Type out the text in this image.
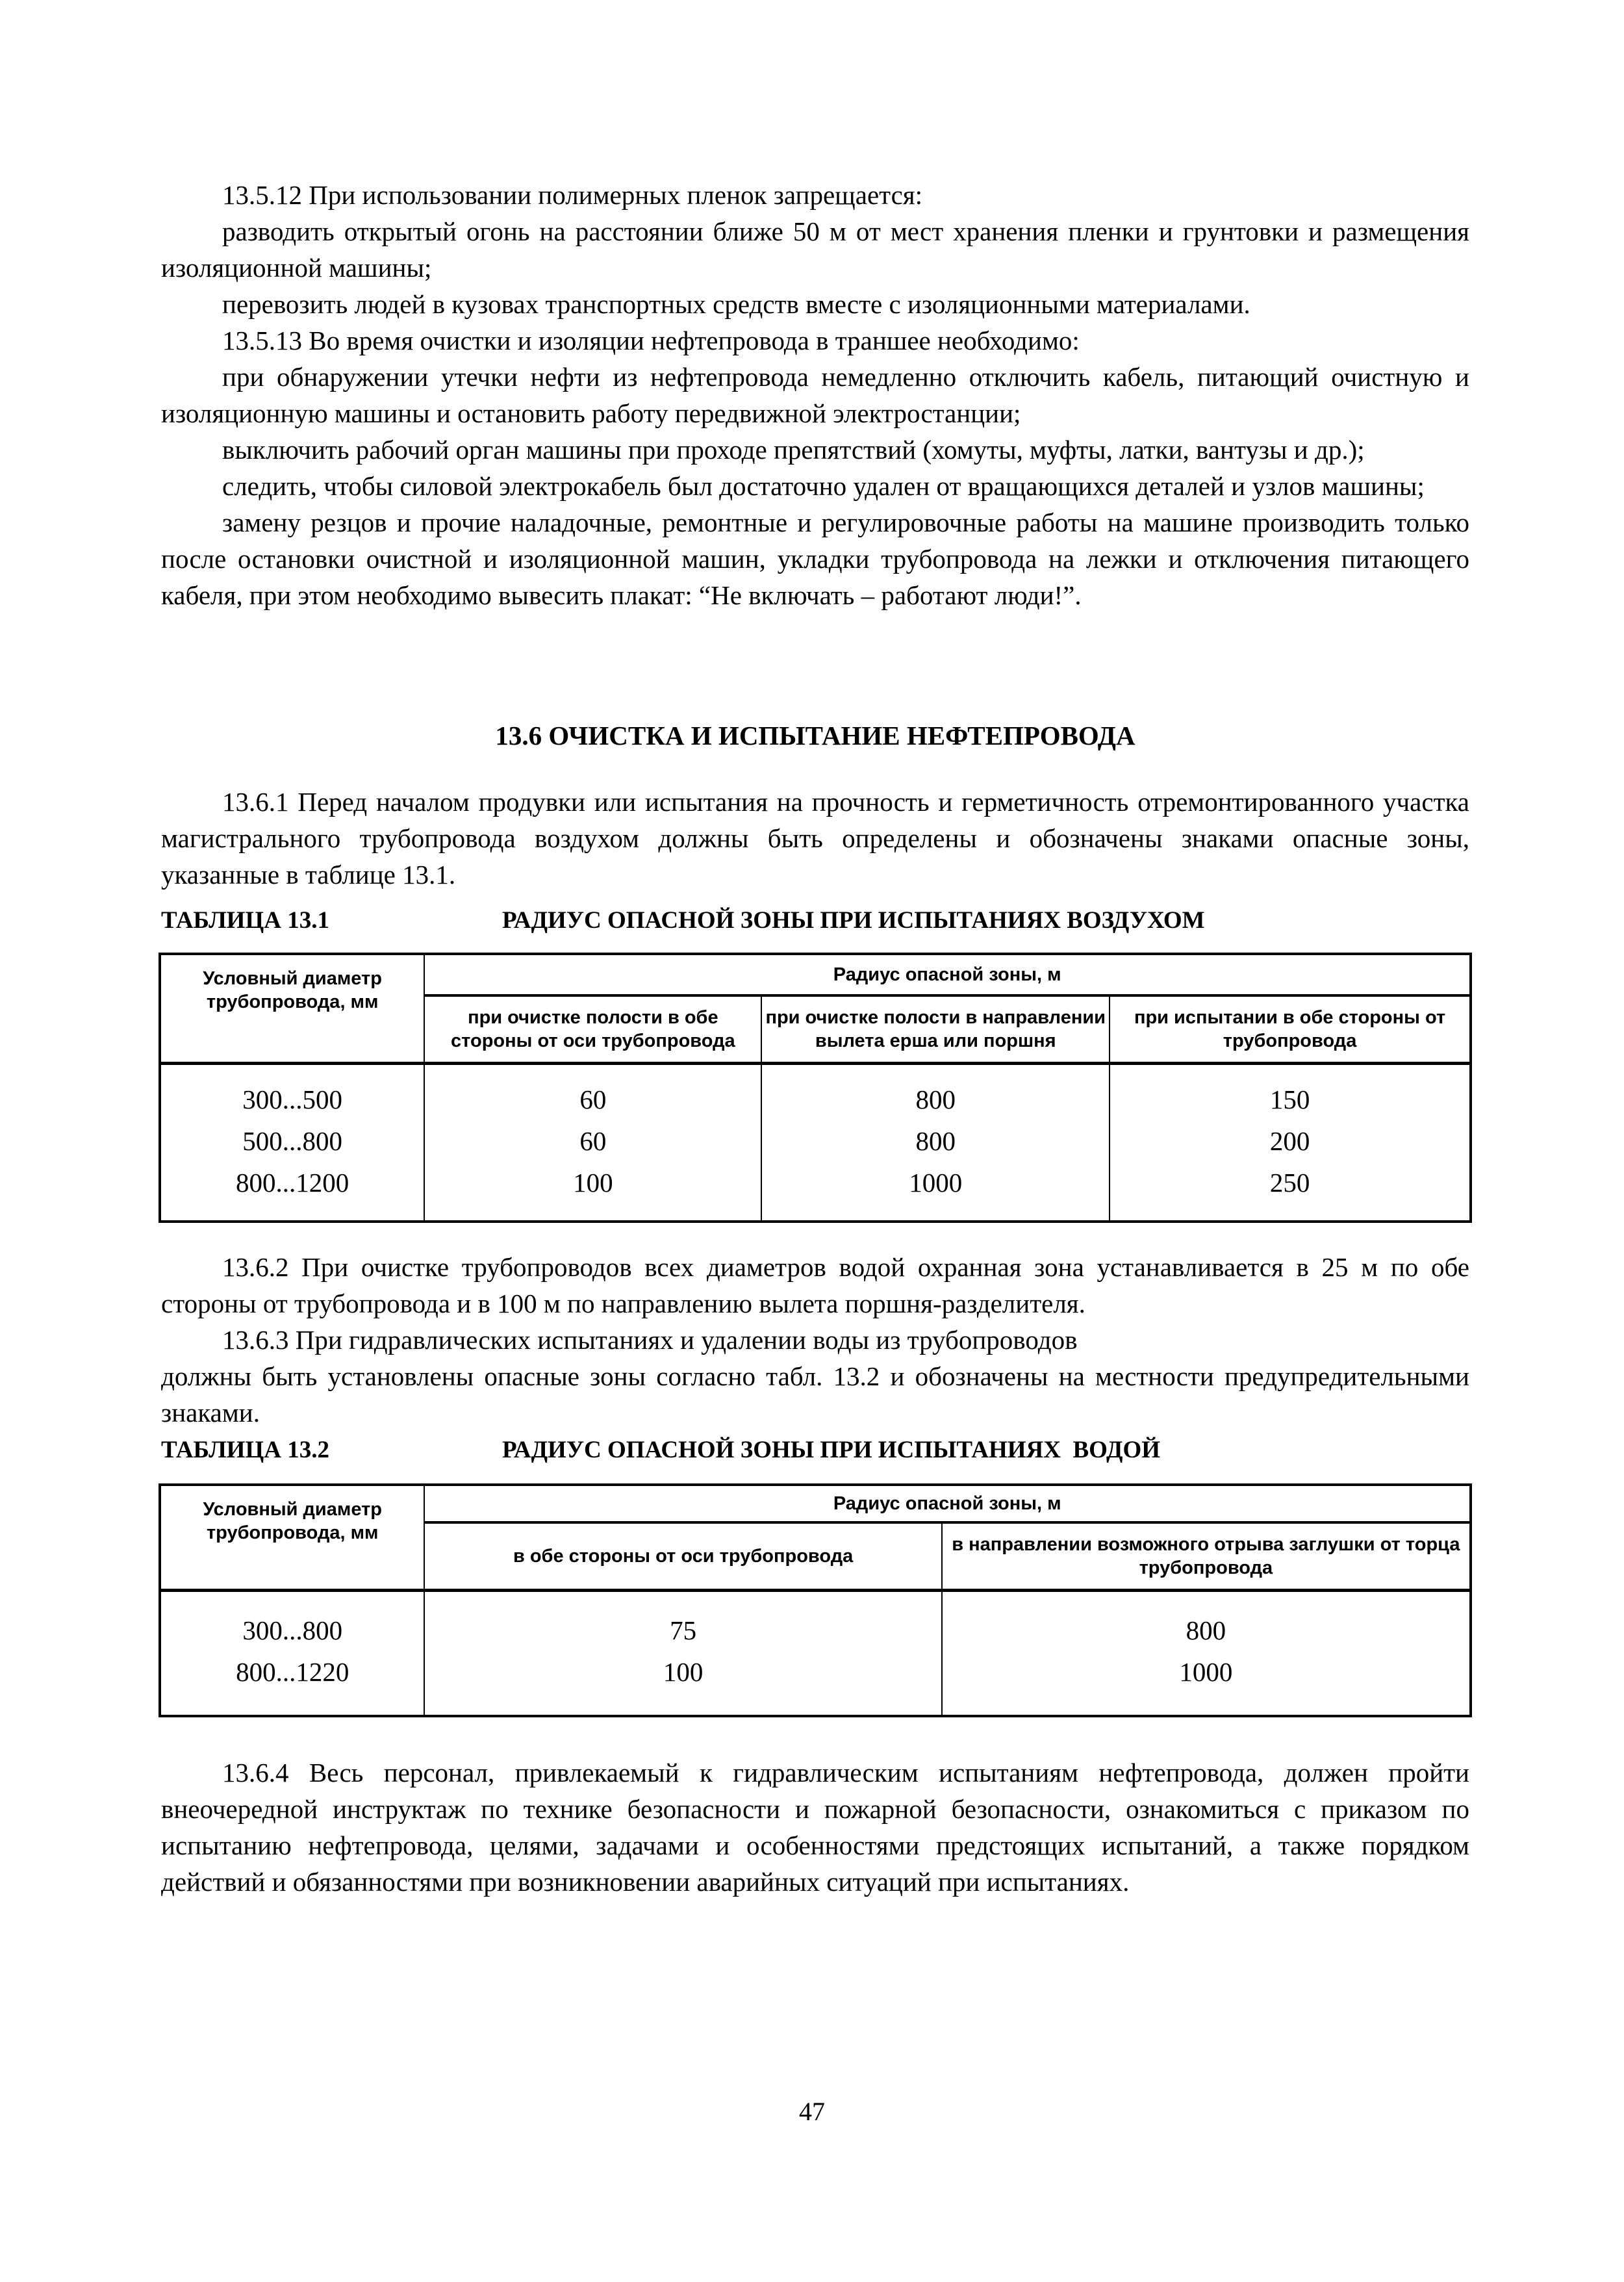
13.5.12 При использовании полимерных пленок запрещается:

разводить открытый огонь на расстоянии ближе 50 м от мест хранения пленки и грунтовки и размещения изоляционной машины;

перевозить людей в кузовах транспортных средств вместе с изоляционными материалами.

13.5.13 Во время очистки и изоляции нефтепровода в траншее необходимо:

при обнаружении утечки нефти из нефтепровода немедленно отключить кабель, питающий очистную и изоляционную машины и остановить работу передвижной электростанции;

выключить рабочий орган машины при проходе препятствий (хомуты, муфты, латки, вантузы и др.);

следить, чтобы силовой электрокабель был достаточно удален от вращающихся деталей и узлов машины;

замену резцов и прочие наладочные, ремонтные и регулировочные работы на машине производить только после остановки очистной и изоляционной машин, укладки трубопровода на лежки и отключения питающего кабеля, при этом необходимо вывесить плакат: “Не включать – работают люди!”.

13.6 ОЧИСТКА И ИСПЫТАНИЕ НЕФТЕПРОВОДА

13.6.1 Перед началом продувки или испытания на прочность и герметичность отремонтированного участка магистрального трубопровода воздухом должны быть определены и обозначены знаками опасные зоны, указанные в таблице 13.1.

ТАБЛИЦА 13.1	РАДИУС ОПАСНОЙ ЗОНЫ ПРИ ИСПЫТАНИЯХ ВОЗДУХОМ
Условный диаметр трубопровода, мм	Радиус опасной зоны, м		
	при очистке полости в обе стороны от оси трубопровода	при очистке полости в направлении вылета ерша или поршня	при испытании в обе стороны от трубопровода

300...500	60	800	150
500...800	60	800	200
800...1200	100	1000	250

13.6.2 При очистке трубопроводов всех диаметров водой охранная зона устанавливается в 25 м по обе стороны от трубопровода и в 100 м по направлению вылета поршня-разделителя.

13.6.3 При гидравлических испытаниях и удалении воды из трубопроводов

должны быть установлены опасные зоны согласно табл. 13.2 и обозначены на местности предупредительными знаками.

ТАБЛИЦА 13.2	РАДИУС ОПАСНОЙ ЗОНЫ ПРИ ИСПЫТАНИЯХ  ВОДОЙ
Условный диаметр трубопровода, мм	Радиус опасной зоны, м	
	в обе стороны от оси трубопровода	в направлении возможного отрыва заглушки от торца трубопровода

300...800	75	800
800...1220	100	1000

13.6.4 Весь персонал, привлекаемый к гидравлическим испытаниям нефтепровода, должен пройти внеочередной инструктаж по технике безопасности и пожарной безопасности, ознакомиться с приказом по испытанию нефтепровода, целями, задачами и особенностями предстоящих испытаний, а также порядком действий и обязанностями при возникновении аварийных ситуаций при испытаниях.

47
